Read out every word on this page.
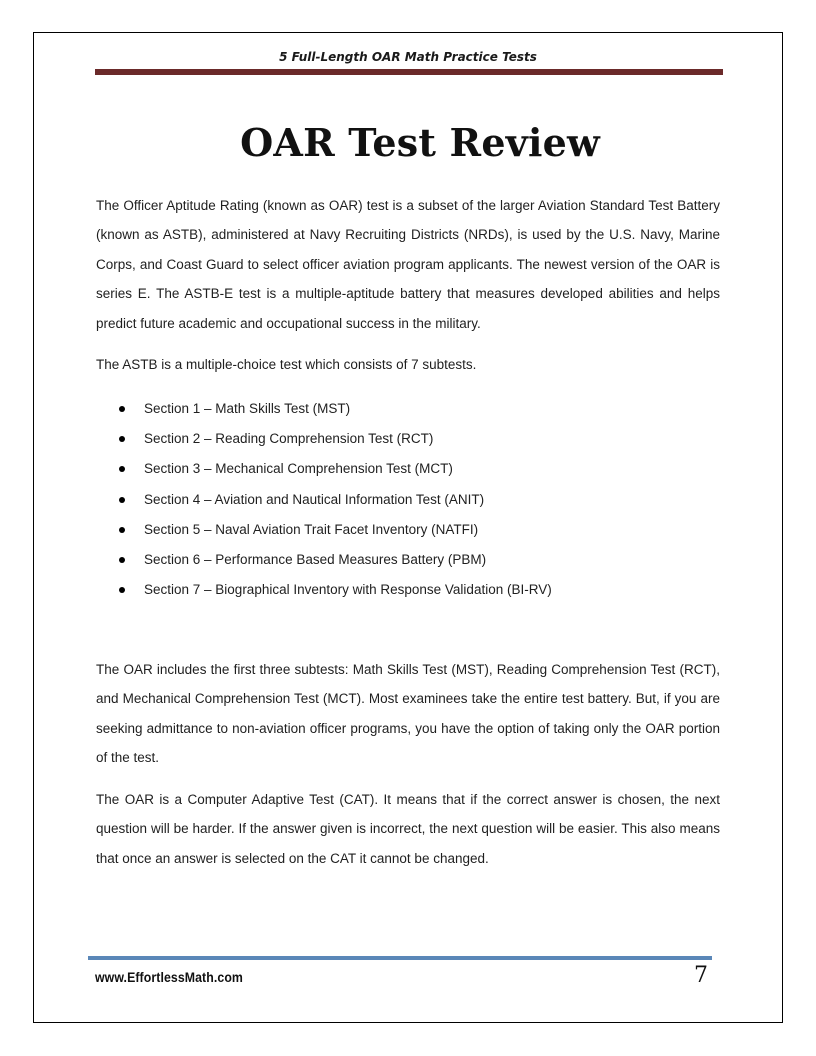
5 Full-Length OAR Math Practice Tests
OAR Test Review

The Officer Aptitude Rating (known as OAR) test is a subset of the larger Aviation Standard Test Battery (known as ASTB), administered at Navy Recruiting Districts (NRDs), is used by the U.S. Navy, Marine Corps, and Coast Guard to select officer aviation program applicants. The newest version of the OAR is series E. The ASTB-E test is a multiple-aptitude battery that measures developed abilities and helps predict future academic and occupational success in the military.

The ASTB is a multiple-choice test which consists of 7 subtests.

Section 1 – Math Skills Test (MST)
Section 2 – Reading Comprehension Test (RCT)
Section 3 – Mechanical Comprehension Test (MCT)
Section 4 – Aviation and Nautical Information Test (ANIT)
Section 5 – Naval Aviation Trait Facet Inventory (NATFI)
Section 6 – Performance Based Measures Battery (PBM)
Section 7 – Biographical Inventory with Response Validation (BI-RV)

The OAR includes the first three subtests: Math Skills Test (MST), Reading Comprehension Test (RCT), and Mechanical Comprehension Test (MCT). Most examinees take the entire test battery. But, if you are seeking admittance to non-aviation officer programs, you have the option of taking only the OAR portion of the test.

The OAR is a Computer Adaptive Test (CAT). It means that if the correct answer is chosen, the next question will be harder. If the answer given is incorrect, the next question will be easier. This also means that once an answer is selected on the CAT it cannot be changed.

www.EffortlessMath.com	7
